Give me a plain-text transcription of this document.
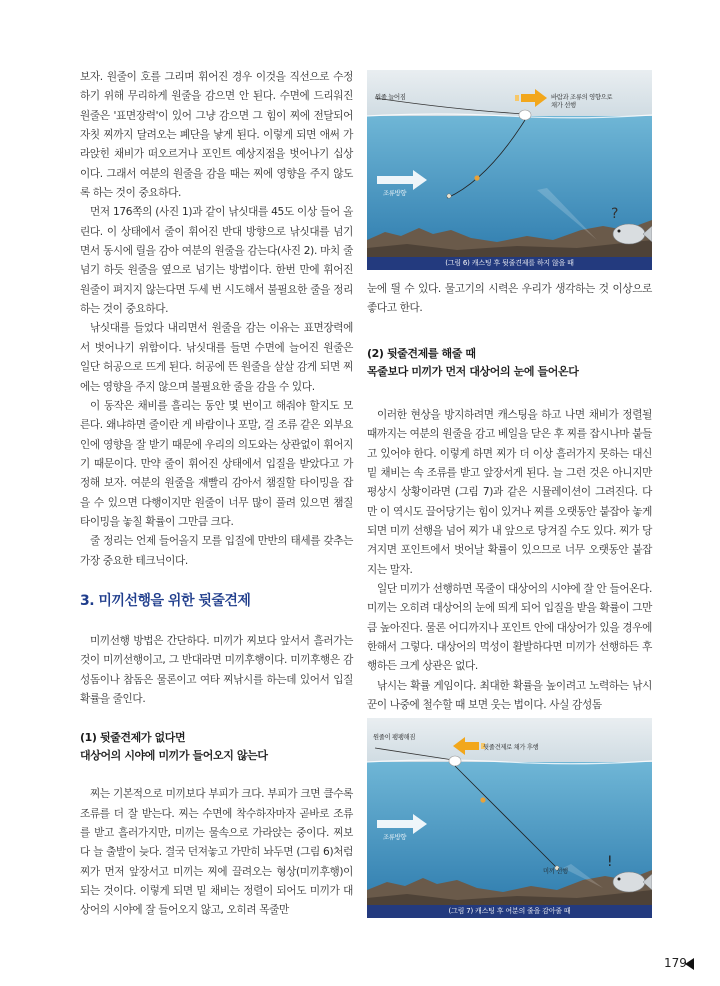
보자. 원줄이 호를 그리며 휘어진 경우 이것을 직선으로 수정하기 위해 무리하게 원줄을 감으면 안 된다. 수면에 드리워진 원줄은 '표면장력'이 있어 그냥 감으면 그 힘이 찌에 전달되어 자칫 찌까지 달려오는 폐단을 낳게 된다. 이렇게 되면 애써 가라앉힌 채비가 떠오르거나 포인트 예상지점을 벗어나기 십상이다. 그래서 여분의 원줄을 감을 때는 찌에 영향을 주지 않도록 하는 것이 중요하다.

먼저 176쪽의 (사진 1)과 같이 낚싯대를 45도 이상 들어 올린다. 이 상태에서 줄이 휘어진 반대 방향으로 낚싯대를 넘기면서 동시에 릴을 감아 여분의 원줄을 감는다(사진 2). 마치 줄넘기 하듯 원줄을 옆으로 넘기는 방법이다. 한번 만에 휘어진 원줄이 펴지지 않는다면 두세 번 시도해서 불필요한 줄을 정리하는 것이 중요하다.

낚싯대를 들었다 내리면서 원줄을 감는 이유는 표면장력에서 벗어나기 위함이다. 낚싯대를 들면 수면에 늘어진 원줄은 일단 허공으로 뜨게 된다. 허공에 뜬 원줄을 살살 감게 되면 찌에는 영향을 주지 않으며 불필요한 줄을 감을 수 있다.

이 동작은 채비를 흘리는 동안 몇 번이고 해줘야 할지도 모른다. 왜냐하면 줄이란 게 바람이나 포말, 걸 조류 같은 외부요인에 영향을 잘 받기 때문에 우리의 의도와는 상관없이 휘어지기 때문이다. 만약 줄이 휘어진 상태에서 입질을 받았다고 가정해 보자. 여분의 원줄을 재빨리 감아서 챔질할 타이밍을 잡을 수 있으면 다행이지만 원줄이 너무 많이 풀려 있으면 챔질 타이밍을 놓칠 확률이 그만큼 크다.

줄 정리는 언제 들어올지 모를 입질에 만반의 태세를 갖추는 가장 중요한 테크닉이다.

3. 미끼선행을 위한 뒷줄견제

미끼선행 방법은 간단하다. 미끼가 찌보다 앞서서 흘러가는 것이 미끼선행이고, 그 반대라면 미끼후행이다. 미끼후행은 감성돔이나 참돔은 물론이고 여타 찌낚시를 하는데 있어서 입질 확률을 줄인다.

(1) 뒷줄견제가 없다면
대상어의 시야에 미끼가 들어오지 않는다

찌는 기본적으로 미끼보다 부피가 크다. 부피가 크면 클수록 조류를 더 잘 받는다. 찌는 수면에 착수하자마자 곧바로 조류를 받고 흘러가지만, 미끼는 물속으로 가라앉는 중이다. 찌보다 늘 출발이 늦다. 결국 던져놓고 가만히 놔두면 (그림 6)처럼 찌가 먼저 앞장서고 미끼는 찌에 끌려오는 형상(미끼후행)이 되는 것이다. 이렇게 되면 밑 채비는 정렬이 되어도 미끼가 대상어의 시야에 잘 들어오지 않고, 오히려 목줄만

원줄 늘어짐	바람과 조류의 영향으로
채가 선행
조류방향
?
(그림 6) 캐스팅 후 뒷줄견제를 하지 않을 때

눈에 띌 수 있다. 물고기의 시력은 우리가 생각하는 것 이상으로 좋다고 한다.

(2) 뒷줄견제를 해줄 때
목줄보다 미끼가 먼저 대상어의 눈에 들어온다

이러한 현상을 방지하려면 캐스팅을 하고 나면 채비가 정렬될 때까지는 여분의 원줄을 감고 베일을 닫은 후 찌를 잡시나마 붙들고 있어야 한다. 이렇게 하면 찌가 더 이상 흘러가지 못하는 대신 밑 채비는 속 조류를 받고 앞장서게 된다. 늘 그런 것은 아니지만 평상시 상황이라면 (그림 7)과 같은 시뮬레이션이 그려진다. 다만 이 역시도 끌어당기는 힘이 있거나 찌를 오랫동안 붙잡아 놓게 되면 미끼 선행을 넘어 찌가 내 앞으로 당겨질 수도 있다. 찌가 당겨지면 포인트에서 벗어날 확률이 있으므로 너무 오랫동안 붙잡지는 말자.

일단 미끼가 선행하면 목줄이 대상어의 시야에 잘 안 들어온다. 미끼는 오히려 대상어의 눈에 띄게 되어 입질을 받을 확률이 그만큼 높아진다. 물론 어디까지나 포인트 안에 대상어가 있을 경우에 한해서 그렇다. 대상어의 먹성이 활발하다면 미끼가 선행하든 후행하든 크게 상관은 없다.

낚시는 확률 게임이다. 최대한 확률을 높이려고 노력하는 낚시꾼이 나중에 철수할 때 보면 웃는 법이다. 사실 감성돔

원줄이 팽팽해짐
뒷줄견제로 채가 후행
조류방향
미끼 선행
!
(그림 7) 캐스팅 후 여분의 줄을 감아줄 때
179
